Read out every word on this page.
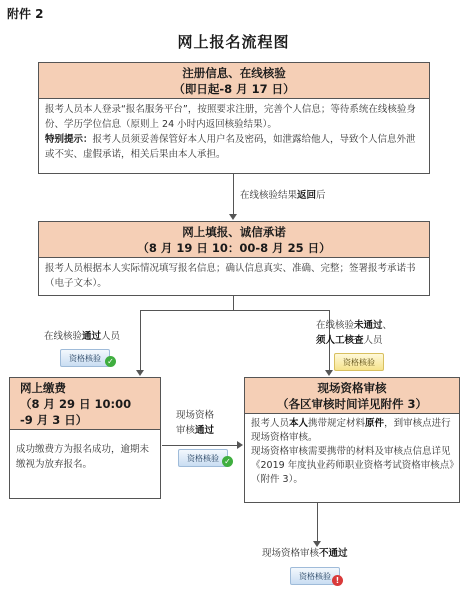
附件 2
网上报名流程图
注册信息、在线核验
（即日起-8 月 17 日）

报考人员本人登录“报名服务平台”，按照要求注册，完善个人信息；等待系统在线核验身份、学历学位信息（原则上 24 小时内返回核验结果）。

特别提示：报考人员须妥善保管好本人用户名及密码，如泄露给他人，导致个人信息外泄或不实、虚假承诺，相关后果由本人承担。

在线核验结果返回后
网上填报、诚信承诺
（8 月 19 日 10：00-8 月 25 日）

报考人员根据本人实际情况填写报名信息；确认信息真实、准确、完整；签署报考承诺书（电子文本）。

在线核验通过人员
资格核验 ✓
在线核验未通过、
须人工核查人员
资格核验
网上缴费
（8 月 29 日 10:00
-9 月 3 日）

成功缴费方为报名成功，逾期未缴视为放弃报名。

现场资格审核
（各区审核时间详见附件 3）

报考人员本人携带规定材料原件，到审核点进行现场资格审核。

现场资格审核需要携带的材料及审核点信息详见《2019 年度执业药师职业资格考试资格审核点》（附件 3）。

现场资格
审核通过
资格核验 ✓
现场资格审核不通过
资格核验 !
